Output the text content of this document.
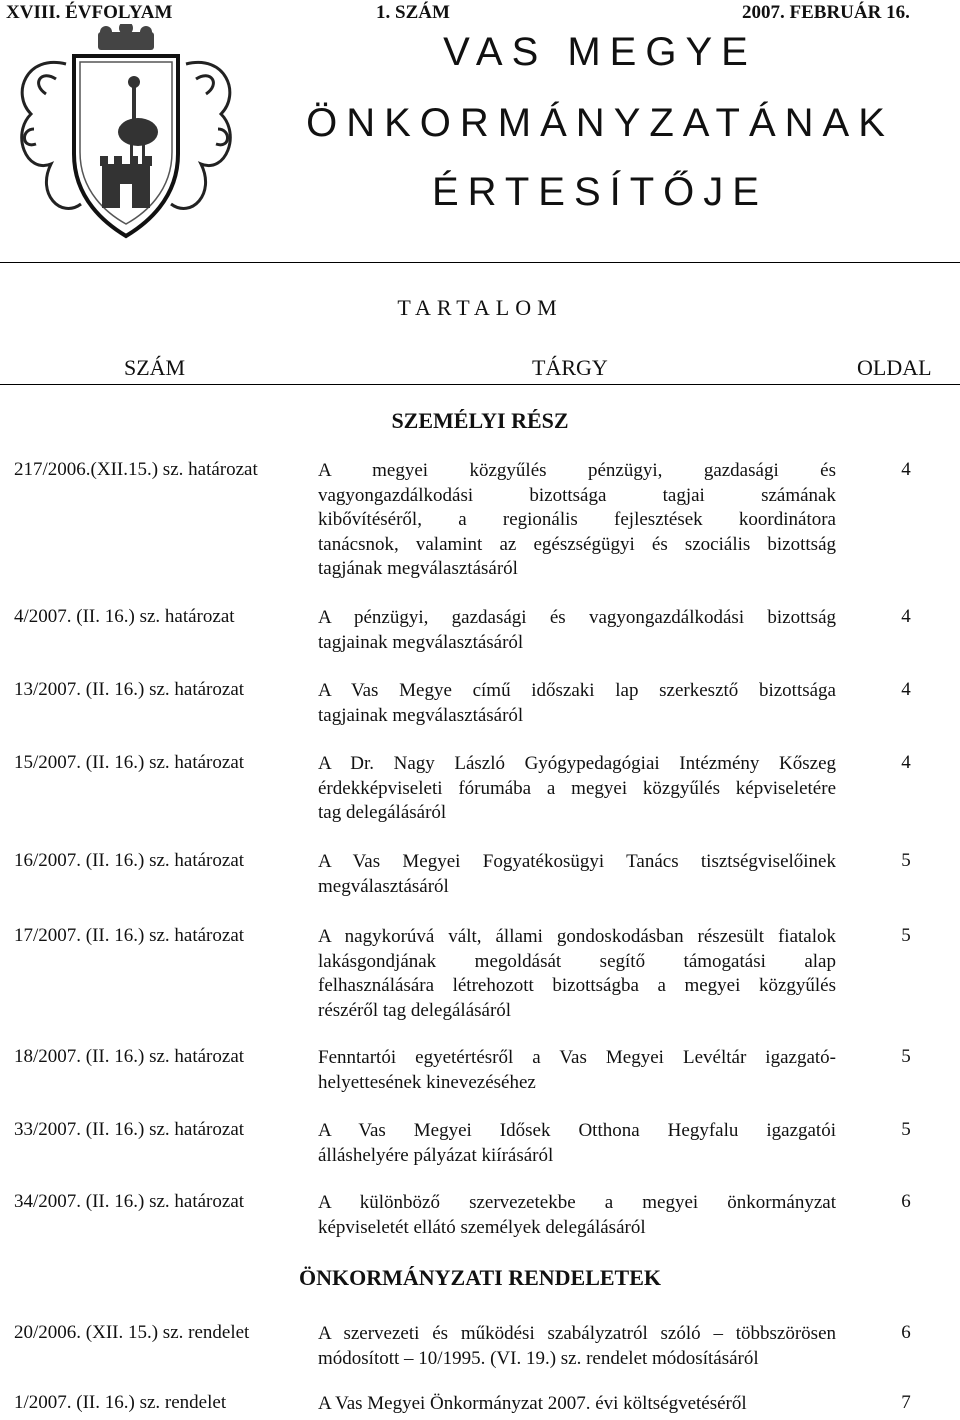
XVIII. ÉVFOLYAM	1. SZÁM	2007. FEBRUÁR 16.
VAS MEGYE
ÖNKORMÁNYZATÁNAK
ÉRTESÍTŐJE
TARTALOM
SZÁM	TÁRGY	OLDAL
SZEMÉLYI RÉSZ
217/2006.(XII.15.) sz. határozat	A megyei közgyűlés pénzügyi, gazdasági és
vagyongazdálkodási bizottsága tagjai számának
kibővítéséről, a regionális fejlesztések koordinátora
tanácsnok, valamint az egészségügyi és szociális bizottság
tagjának megválasztásáról
4
4/2007. (II. 16.) sz. határozat	A pénzügyi, gazdasági és vagyongazdálkodási bizottság
tagjainak megválasztásáról
4
13/2007. (II. 16.) sz. határozat	A Vas Megye című időszaki lap szerkesztő bizottsága
tagjainak megválasztásáról
4
15/2007. (II. 16.) sz. határozat	A Dr. Nagy László Gyógypedagógiai Intézmény Kőszeg
érdekképviseleti fórumába a megyei közgyűlés képviseletére
tag delegálásáról
4
16/2007. (II. 16.) sz. határozat	A Vas Megyei Fogyatékosügyi Tanács tisztségviselőinek
megválasztásáról
5
17/2007. (II. 16.) sz. határozat	A nagykorúvá vált, állami gondoskodásban részesült fiatalok
lakásgondjának megoldását segítő támogatási alap
felhasználására létrehozott bizottságba a megyei közgyűlés
részéről tag delegálásáról
5
18/2007. (II. 16.) sz. határozat	Fenntartói egyetértésről a Vas Megyei Levéltár igazgató-
helyettesének kinevezéséhez
5
33/2007. (II. 16.) sz. határozat	A Vas Megyei Idősek Otthona Hegyfalu igazgatói
álláshelyére pályázat kiírásáról
5
34/2007. (II. 16.) sz. határozat	A különböző szervezetekbe a megyei önkormányzat
képviseletét ellátó személyek delegálásáról
6
ÖNKORMÁNYZATI RENDELETEK
20/2006. (XII. 15.) sz. rendelet	A szervezeti és működési szabályzatról szóló – többszörösen
módosított – 10/1995. (VI. 19.) sz. rendelet módosításáról
6
1/2007. (II. 16.) sz. rendelet	A Vas Megyei Önkormányzat 2007. évi költségvetéséről	7
